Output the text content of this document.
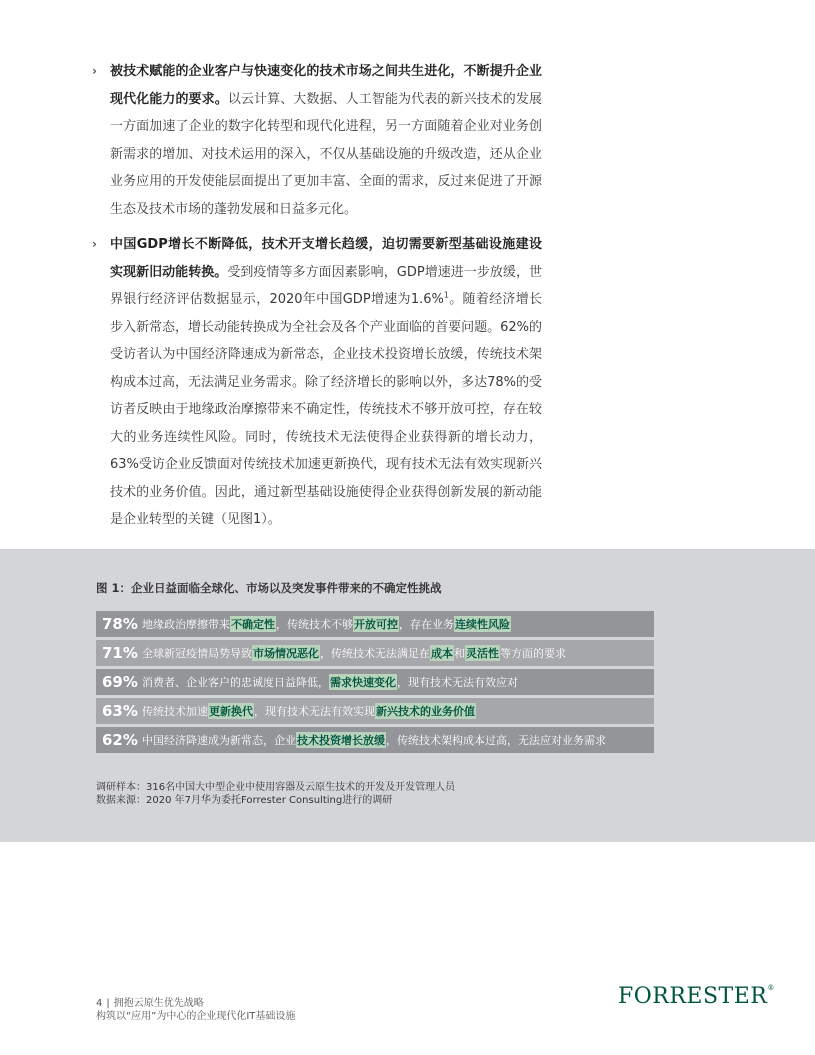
› 被技术赋能的企业客户与快速变化的技术市场之间共生进化，不断提升企业现代化能力的要求。以云计算、大数据、人工智能为代表的新兴技术的发展一方面加速了企业的数字化转型和现代化进程，另一方面随着企业对业务创新需求的增加、对技术运用的深入，不仅从基础设施的升级改造，还从企业业务应用的开发使能层面提出了更加丰富、全面的需求，反过来促进了开源生态及技术市场的蓬勃发展和日益多元化。
› 中国GDP增长不断降低，技术开支增长趋缓，迫切需要新型基础设施建设实现新旧动能转换。受到疫情等多方面因素影响，GDP增速进一步放缓，世界银行经济评估数据显示，2020年中国GDP增速为1.6%$^1$。随着经济增长步入新常态，增长动能转换成为全社会及各个产业面临的首要问题。62%的受访者认为中国经济降速成为新常态，企业技术投资增长放缓，传统技术架构成本过高，无法满足业务需求。除了经济增长的影响以外，多达78%的受访者反映由于地缘政治摩擦带来不确定性，传统技术不够开放可控，存在较大的业务连续性风险。同时，传统技术无法使得企业获得新的增长动力，63%受访企业反馈面对传统技术加速更新换代，现有技术无法有效实现新兴技术的业务价值。因此，通过新型基础设施使得企业获得创新发展的新动能是企业转型的关键（见图1）。
图 1：企业日益面临全球化、市场以及突发事件带来的不确定性挑战
78% 地缘政治摩擦带来 不确定性 ，传统技术不够 开放可控 ，存在业务 连续性风险
71% 全球新冠疫情局势导致 市场情况恶化 ，传统技术无法满足在 成本 和 灵活性 等方面的要求
69% 消费者、企业客户的忠诚度日益降低， 需求快速变化 ，现有技术无法有效应对
63% 传统技术加速 更新换代 ，现有技术无法有效实现 新兴技术的业务价值
62% 中国经济降速成为新常态，企业 技术投资增长放缓 ，传统技术架构成本过高，无法应对业务需求
调研样本：316名中国大中型企业中使用容器及云原生技术的开发及开发管理人员
数据来源：2020 年7月华为委托Forrester Consulting进行的调研
4 | 拥抱云原生优先战略
构筑以“应用”为中心的企业现代化IT基础设施
FORRESTER®
